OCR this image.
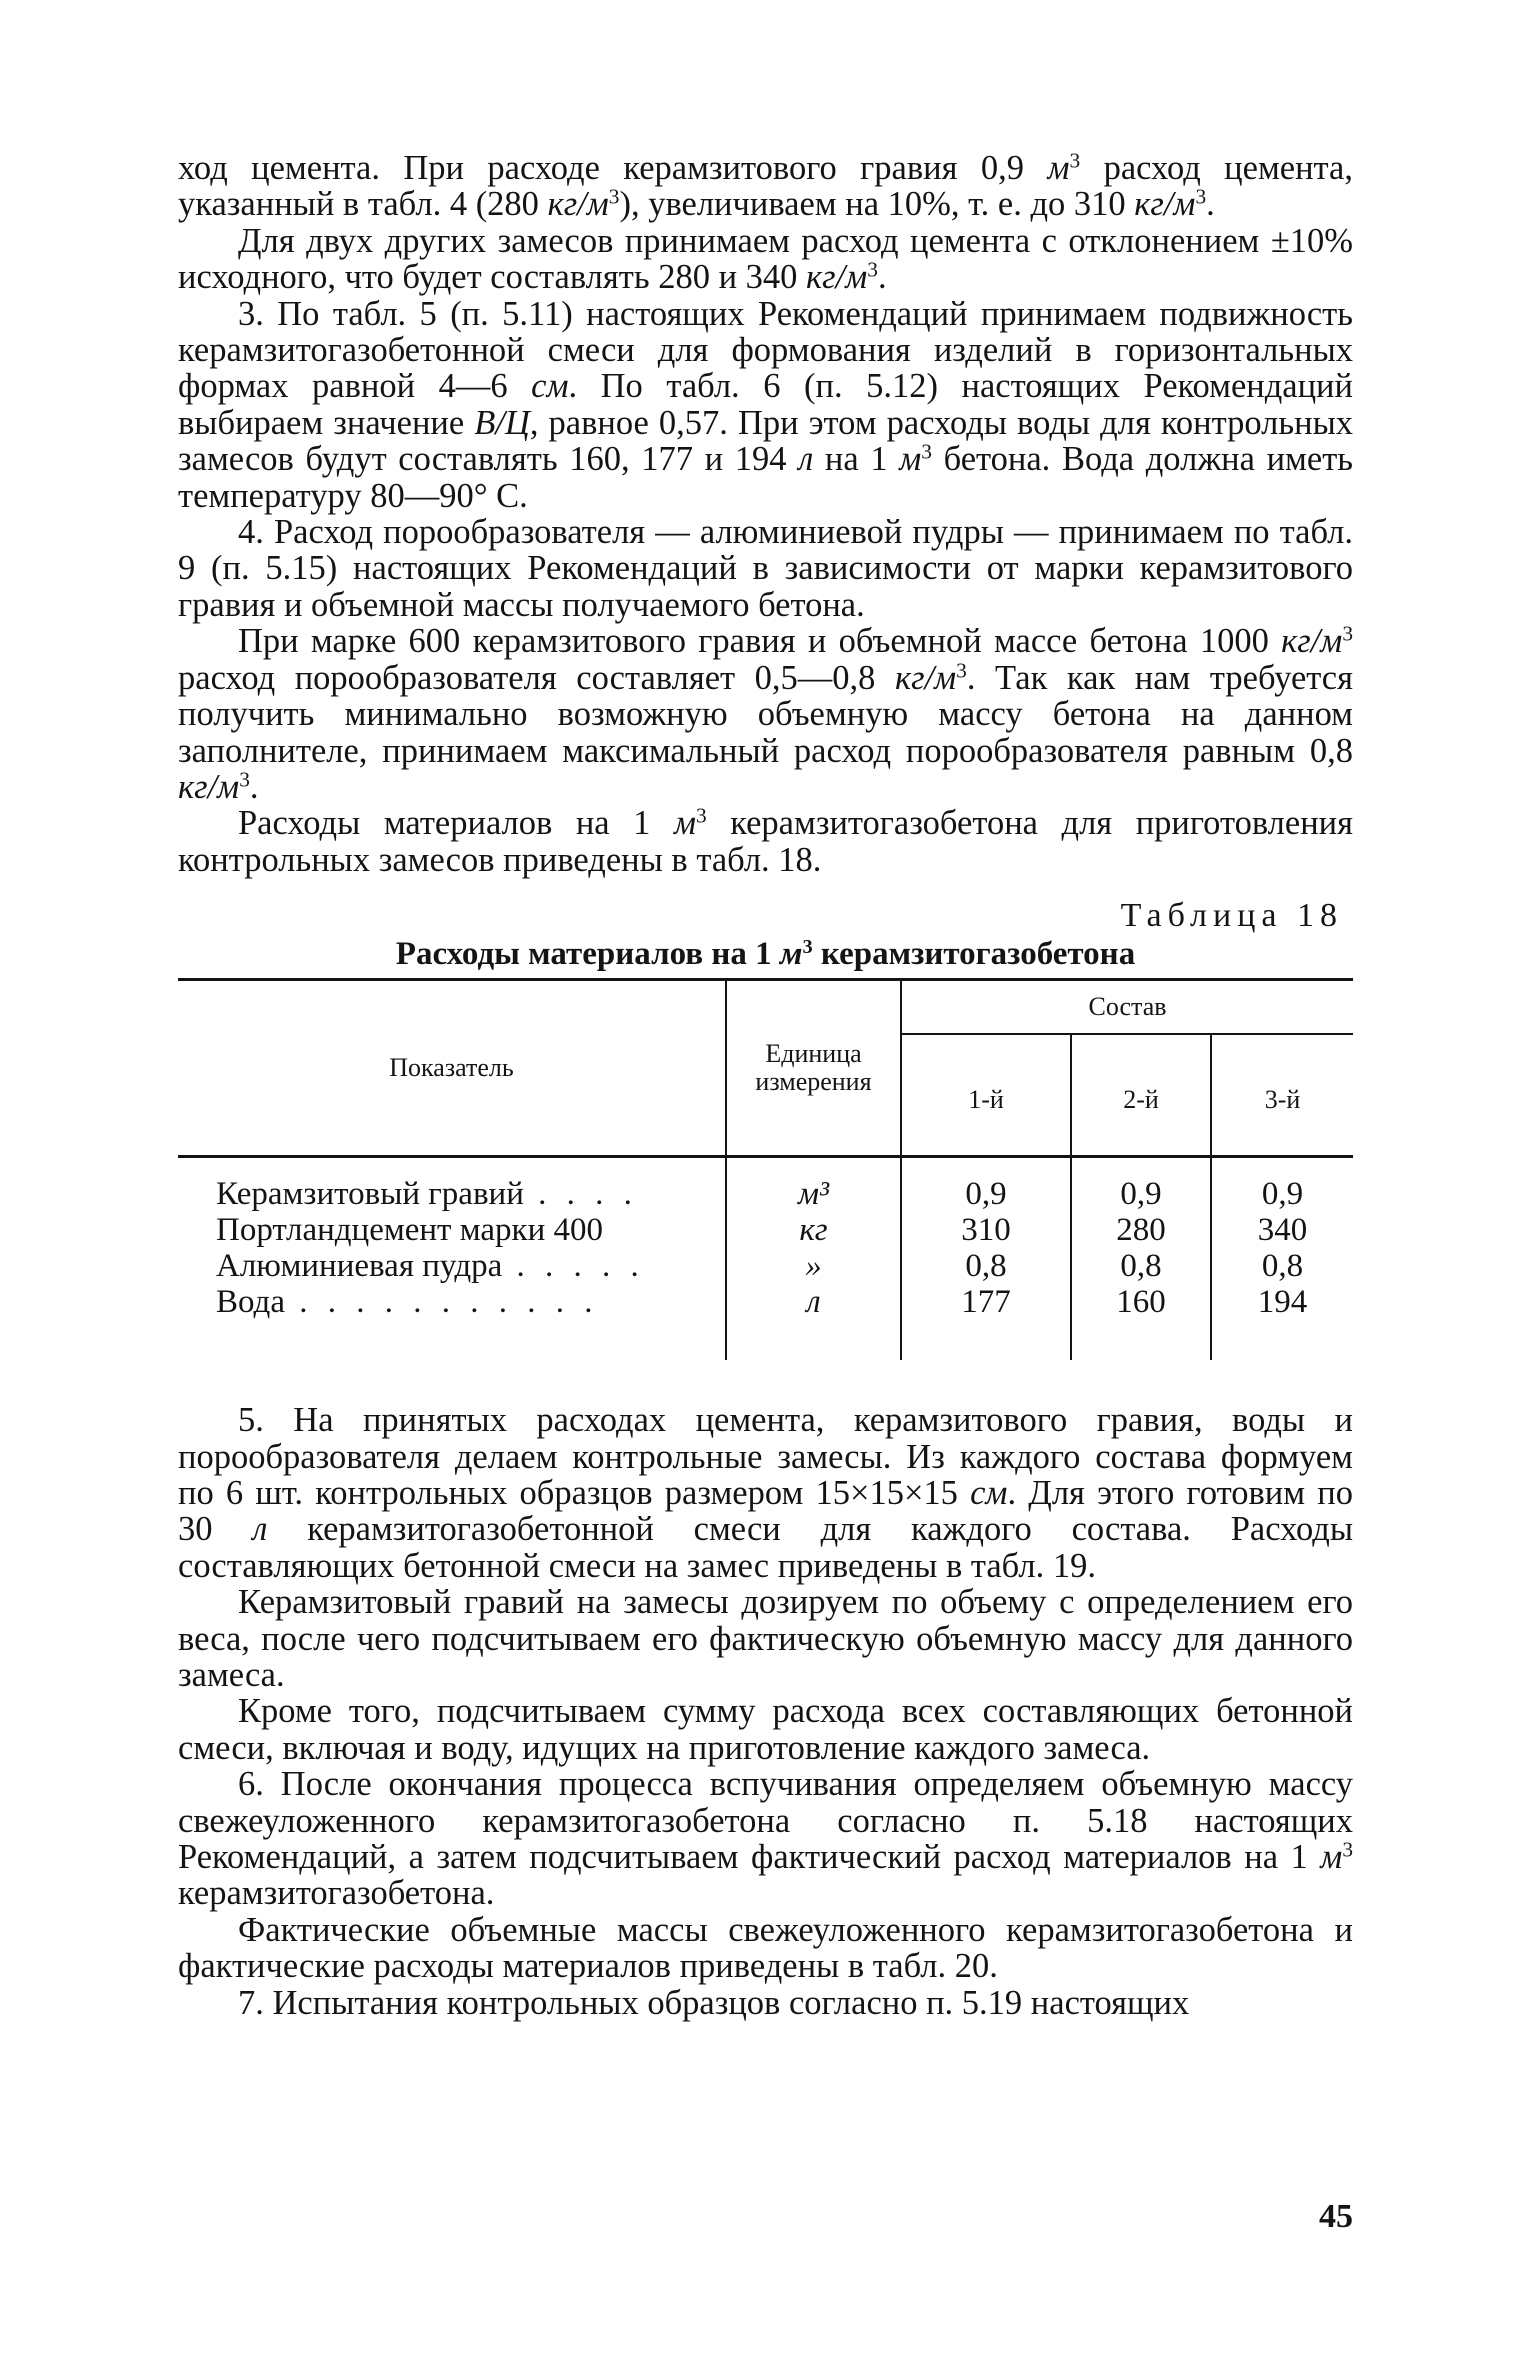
ход цемента. При расходе керамзитового гравия 0,9 $м^3$ расход цемента, указанный в табл. 4 (280 $кг/м^3$), увеличиваем на 10%, т. е. до 310 $кг/м^3$.

Для двух других замесов принимаем расход цемента с отклонением ±10% исходного, что будет составлять 280 и 340 $кг/м^3$.

3. По табл. 5 (п. 5.11) настоящих Рекомендаций принимаем подвижность керамзитогазобетонной смеси для формования изделий в горизонтальных формах равной 4—6 см. По табл. 6 (п. 5.12) настоящих Рекомендаций выбираем значение В/Ц, равное 0,57. При этом расходы воды для контрольных замесов будут составлять 160, 177 и 194 л на 1 $м^3$ бетона. Вода должна иметь температуру 80—90° С.

4. Расход порообразователя — алюминиевой пудры — принимаем по табл. 9 (п. 5.15) настоящих Рекомендаций в зависимости от марки керамзитового гравия и объемной массы получаемого бетона.

При марке 600 керамзитового гравия и объемной массе бетона 1000 $кг/м^3$ расход порообразователя составляет 0,5—0,8 $кг/м^3$. Так как нам требуется получить минимально возможную объемную массу бетона на данном заполнителе, принимаем максимальный расход порообразователя равным 0,8 $кг/м^3$.

Расходы материалов на 1 $м^3$ керамзитогазобетона для приготовления контрольных замесов приведены в табл. 18.

Таблица 18
Расходы материалов на 1 $м^3$ керамзитогазобетона
Показатель	Единица измерения	Состав		
		1-й	2-й	3-й

Керамзитовый гравий . . . .	м³	0,9	0,9	0,9
Портландцемент марки 400	кг	310	280	340
Алюминиевая пудра . . . . .	»	0,8	0,8	0,8
Вода . . . . . . . . . . .	л	177	160	194

5. На принятых расходах цемента, керамзитового гравия, воды и порообразователя делаем контрольные замесы. Из каждого состава формуем по 6 шт. контрольных образцов размером 15×15×15 см. Для этого готовим по 30 л керамзитогазобетонной смеси для каждого состава. Расходы составляющих бетонной смеси на замес приведены в табл. 19.

Керамзитовый гравий на замесы дозируем по объему с определением его веса, после чего подсчитываем его фактическую объемную массу для данного замеса.

Кроме того, подсчитываем сумму расхода всех составляющих бетонной смеси, включая и воду, идущих на приготовление каждого замеса.

6. После окончания процесса вспучивания определяем объемную массу свежеуложенного керамзитогазобетона согласно п. 5.18 настоящих Рекомендаций, а затем подсчитываем фактический расход материалов на 1 $м^3$ керамзитогазобетона.

Фактические объемные массы свежеуложенного керамзитогазобетона и фактические расходы материалов приведены в табл. 20.

7. Испытания контрольных образцов согласно п. 5.19 настоящих

45
